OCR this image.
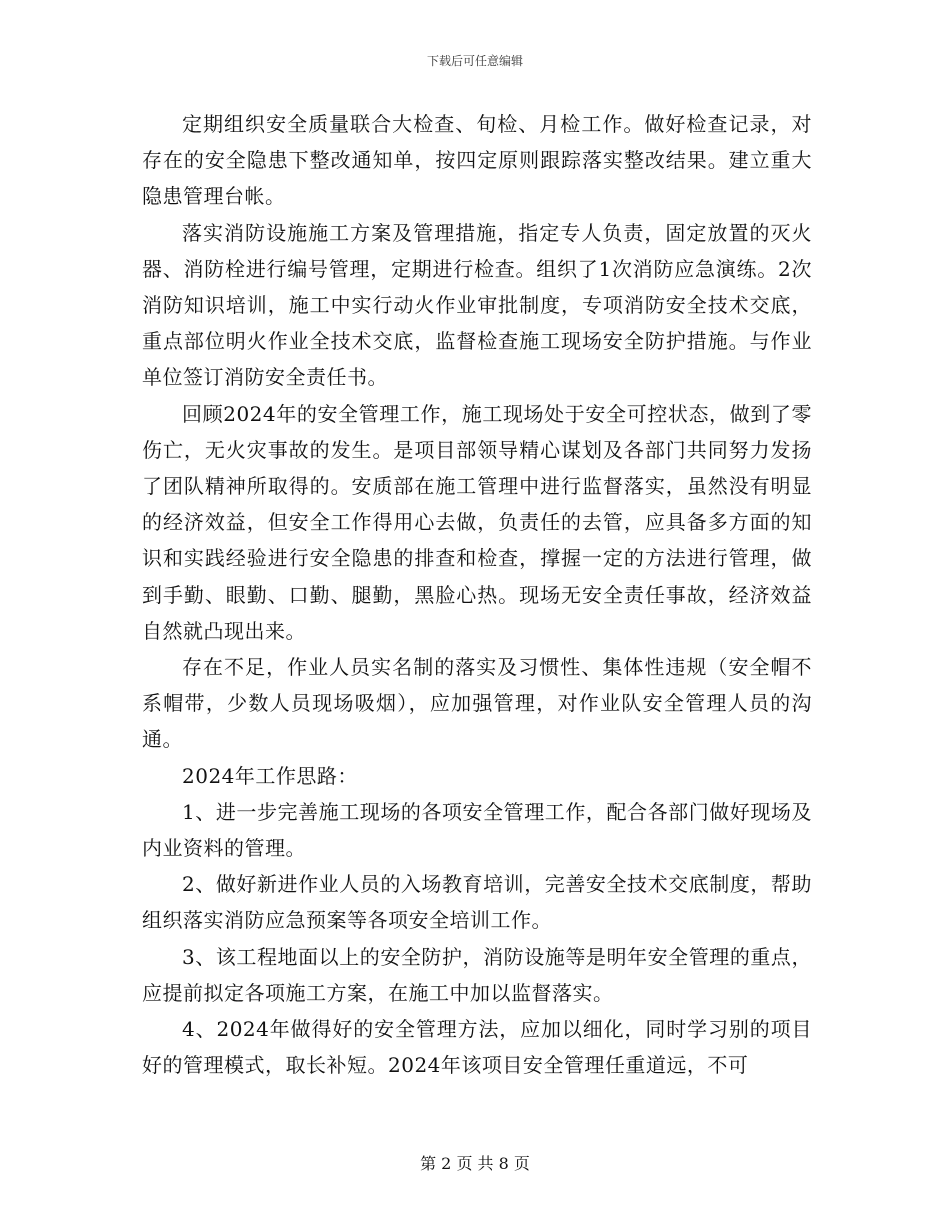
下载后可任意编辑

定期组织安全质量联合大检查、旬检、月检工作。做好检查记录，对存在的安全隐患下整改通知单，按四定原则跟踪落实整改结果。建立重大隐患管理台帐。

落实消防设施施工方案及管理措施，指定专人负责，固定放置的灭火器、消防栓进行编号管理，定期进行检查。组织了1次消防应急演练。2次消防知识培训，施工中实行动火作业审批制度，专项消防安全技术交底，重点部位明火作业全技术交底，监督检查施工现场安全防护措施。与作业单位签订消防安全责任书。

回顾2024年的安全管理工作，施工现场处于安全可控状态，做到了零伤亡，无火灾事故的发生。是项目部领导精心谋划及各部门共同努力发扬了团队精神所取得的。安质部在施工管理中进行监督落实，虽然没有明显的经济效益，但安全工作得用心去做，负责任的去管，应具备多方面的知识和实践经验进行安全隐患的排查和检查，撑握一定的方法进行管理，做到手勤、眼勤、口勤、腿勤，黑脸心热。现场无安全责任事故，经济效益自然就凸现出来。

存在不足，作业人员实名制的落实及习惯性、集体性违规（安全帽不系帽带，少数人员现场吸烟），应加强管理，对作业队安全管理人员的沟通。

2024年工作思路：

1、进一步完善施工现场的各项安全管理工作，配合各部门做好现场及内业资料的管理。

2、做好新进作业人员的入场教育培训，完善安全技术交底制度，帮助组织落实消防应急预案等各项安全培训工作。

3、该工程地面以上的安全防护，消防设施等是明年安全管理的重点，应提前拟定各项施工方案，在施工中加以监督落实。

4、2024年做得好的安全管理方法，应加以细化，同时学习别的项目好的管理模式，取长补短。2024年该项目安全管理任重道远，不可

第 2 页 共 8 页
